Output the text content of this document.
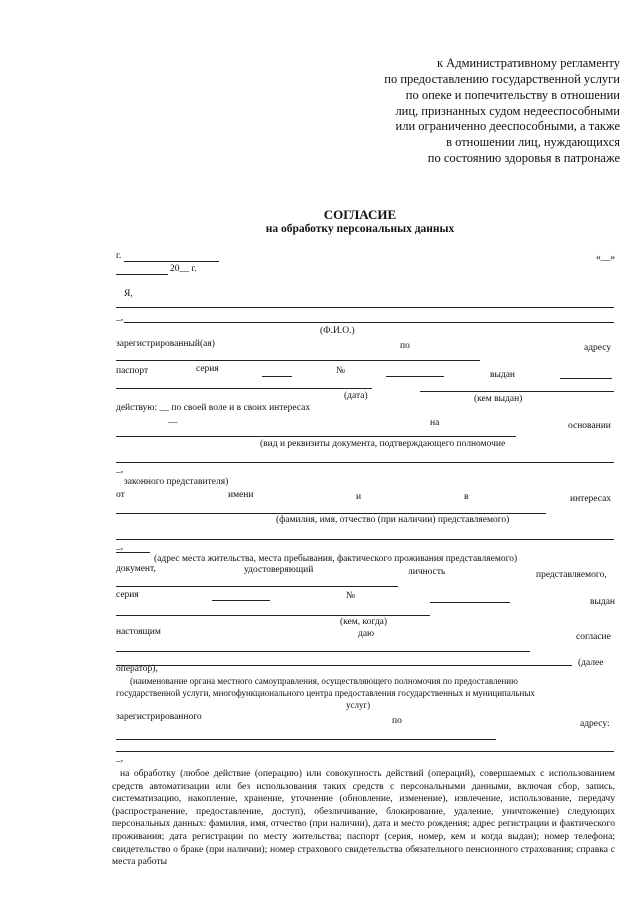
к Административному регламенту
по предоставлению государственной услуги
по опеке и попечительству в отношении
лиц, признанных судом недееспособными
или ограниченно дееспособными, а также
в отношении лиц, нуждающихся
по состоянию здоровья в патронаже
СОГЛАСИЕ
на обработку персональных данных
г.	«__»
20__ г.
Я,
_,
(Ф.И.О.)
зарегистрированный(ая)	по	адресу
паспорт	серия	№	выдан
(дата)	(кем выдан)
действую: __ по своей воле и в своих интересах
—	на	основании
(вид и реквизиты документа, подтверждающего полномочие
_,
законного представителя)
от	имени	и	в	интересах
(фамилия, имя, отчество (при наличии) представляемого)
_,
(адрес места жительства, места пребывания, фактического проживания представляемого)
документ,	удостоверяющий	личность	представляемого,
серия	№
выдан
(кем, когда)
настоящим	даю	согласие
(далее
оператор),
(наименование органа местного самоуправления, осуществляющего полномочия по предоставлению
государственной услуги, многофункционального центра предоставления государственных и муниципальных
услуг)
зарегистрированного	по	адресу:
_,
на обработку (любое действие (операцию) или совокупность действий (операций), совершаемых с использованием средств автоматизации или без использования таких средств с персональными данными, включая сбор, запись, систематизацию, накопление, хранение, уточнение (обновление, изменение), извлечение, использование, передачу (распространение, предоставление, доступ), обезличивание, блокирование, удаление, уничтожение) следующих персональных данных: фамилия, имя, отчество (при наличии), дата и место рождения; адрес регистрации и фактического проживания; дата регистрации по месту жительства; паспорт (серия, номер, кем и когда выдан); номер телефона; свидетельство о браке (при наличии); номер страхового свидетельства обязательного пенсионного страхования; справка с места работы
